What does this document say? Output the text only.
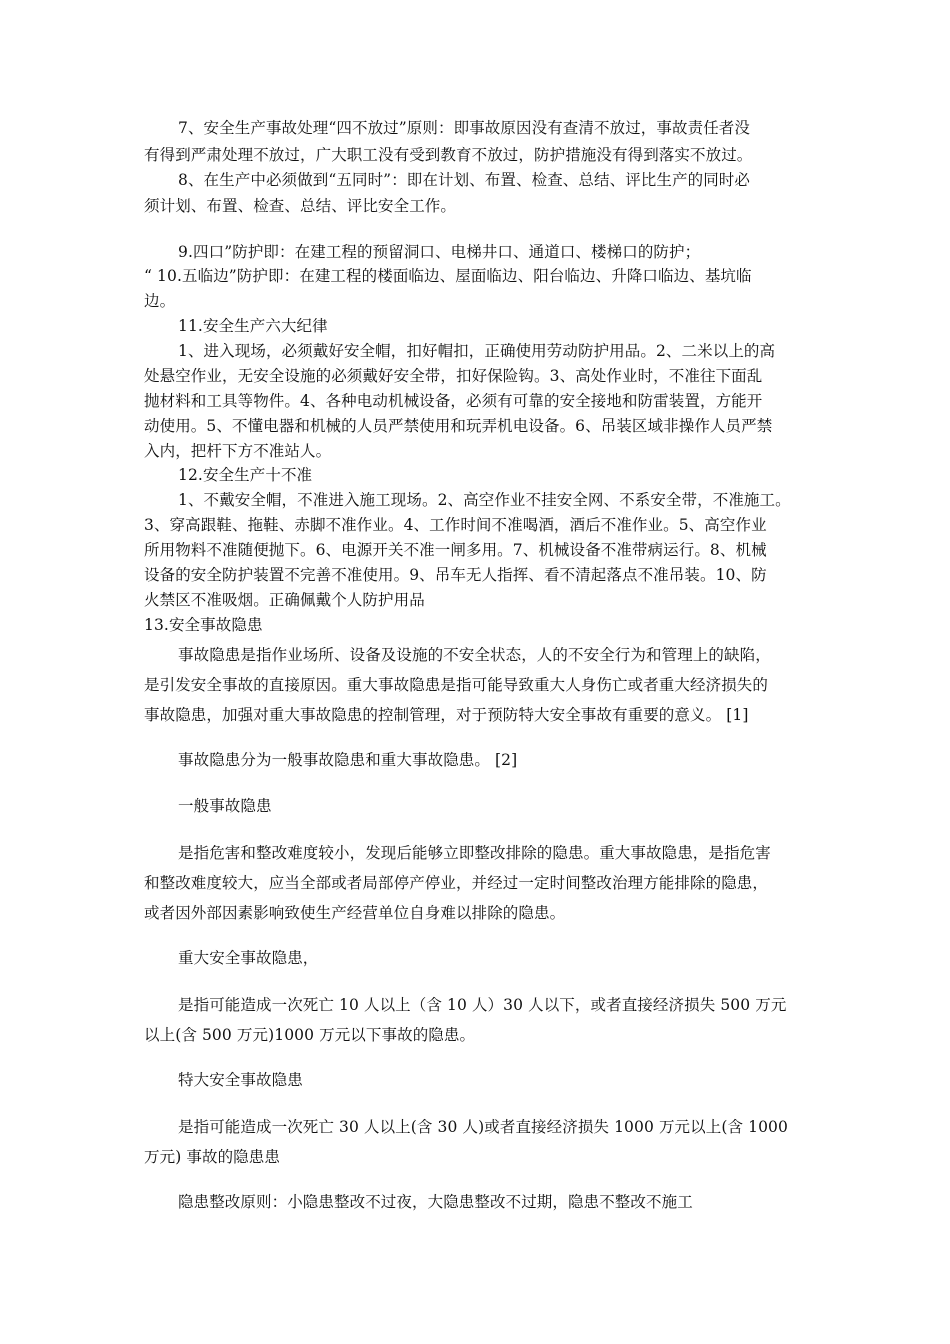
7、安全生产事故处理“四不放过”原则：即事故原因没有查清不放过，事故责任者没
有得到严肃处理不放过，广大职工没有受到教育不放过，防护措施没有得到落实不放过。
8、在生产中必须做到“五同时”：即在计划、布置、检查、总结、评比生产的同时必
须计划、布置、检查、总结、评比安全工作。
9.四口”防护即：在建工程的预留洞口、电梯井口、通道口、楼梯口的防护；
“ 10.五临边”防护即：在建工程的楼面临边、屋面临边、阳台临边、升降口临边、基坑临
边。
11.安全生产六大纪律
1、进入现场，必须戴好安全帽，扣好帽扣，正确使用劳动防护用品。2、二米以上的高
处悬空作业，无安全设施的必须戴好安全带，扣好保险钩。3、高处作业时，不准往下面乱
抛材料和工具等物件。4、各种电动机械设备，必须有可靠的安全接地和防雷装置，方能开
动使用。5、不懂电器和机械的人员严禁使用和玩弄机电设备。6、吊装区域非操作人员严禁
入内，把杆下方不准站人。
12.安全生产十不准
1、不戴安全帽，不准进入施工现场。2、高空作业不挂安全网、不系安全带，不准施工。
3、穿高跟鞋、拖鞋、赤脚不准作业。4、工作时间不准喝酒，酒后不准作业。5、高空作业
所用物料不准随便抛下。6、电源开关不准一闸多用。7、机械设备不准带病运行。8、机械
设备的安全防护装置不完善不准使用。9、吊车无人指挥、看不清起落点不准吊装。10、防
火禁区不准吸烟。正确佩戴个人防护用品
13.安全事故隐患
事故隐患是指作业场所、设备及设施的不安全状态，人的不安全行为和管理上的缺陷，
是引发安全事故的直接原因。重大事故隐患是指可能导致重大人身伤亡或者重大经济损失的
事故隐患，加强对重大事故隐患的控制管理，对于预防特大安全事故有重要的意义。 [1]
事故隐患分为一般事故隐患和重大事故隐患。 [2]
一般事故隐患
是指危害和整改难度较小，发现后能够立即整改排除的隐患。重大事故隐患，是指危害
和整改难度较大，应当全部或者局部停产停业，并经过一定时间整改治理方能排除的隐患，
或者因外部因素影响致使生产经营单位自身难以排除的隐患。
重大安全事故隐患，
是指可能造成一次死亡 10 人以上（含 10 人）30 人以下，或者直接经济损失 500 万元
以上(含 500 万元)1000 万元以下事故的隐患。
特大安全事故隐患
是指可能造成一次死亡 30 人以上(含 30 人)或者直接经济损失 1000 万元以上(含 1000
万元) 事故的隐患患
隐患整改原则：小隐患整改不过夜，大隐患整改不过期，隐患不整改不施工
